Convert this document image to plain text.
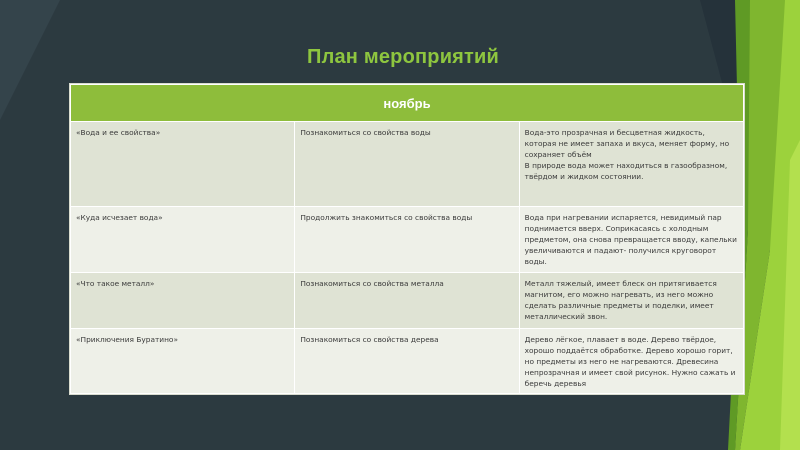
План мероприятий
ноябрь		
«Вода и ее свойства»	Познакомиться со свойства воды	Вода-это прозрачная и бесцветная жидкость, которая не имеет запаха и вкуса, меняет форму, но сохраняет объём
В природе вода может находиться в газообразном, твёрдом и жидком состоянии.

«Куда исчезает вода»	Продолжить знакомиться со свойства воды	Вода при нагревании испаряется, невидимый пар поднимается вверх. Соприкасаясь с холодным предметом, она снова превращается вводу, капельки увеличиваются и падают- получился круговорот воды.

«Что такое металл»	Познакомиться со свойства металла	Металл тяжелый, имеет блеск он притягивается магнитом, его можно нагревать, из него можно сделать различные предметы и поделки, имеет металлический звон.

«Приключения Буратино»	Познакомиться со свойства дерева	Дерево лёгкое, плавает в воде. Дерево твёрдое, хорошо поддаётся обработке. Дерево хорошо горит, но предметы из него не нагреваются. Древесина непрозрачная и имеет свой рисунок. Нужно сажать и беречь деревья
